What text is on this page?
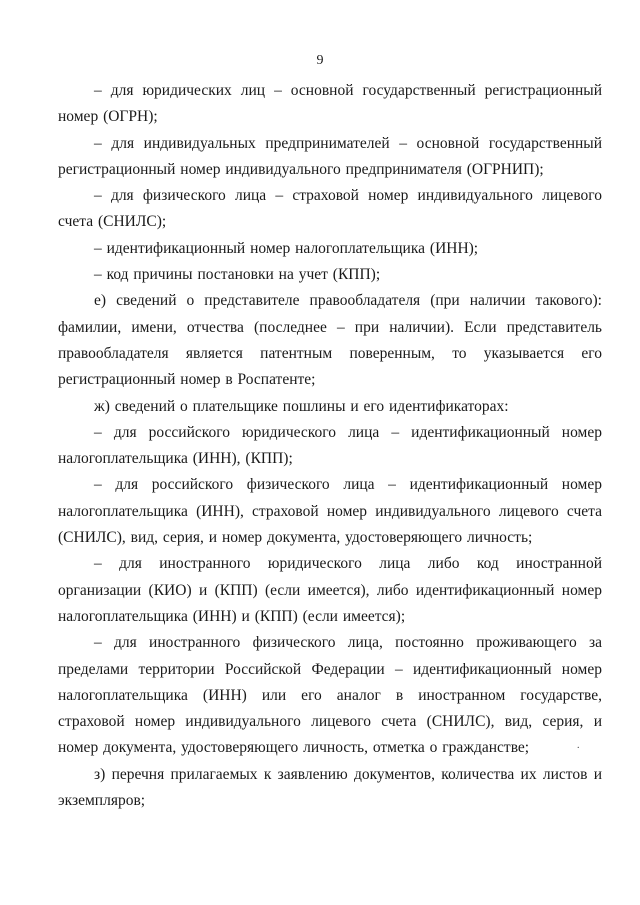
9

– для юридических лиц – основной государственный регистрационный номер (ОГРН);

– для индивидуальных предпринимателей – основной государственный регистрационный номер индивидуального предпринимателя (ОГРНИП);

– для физического лица – страховой номер индивидуального лицевого счета (СНИЛС);

– идентификационный номер налогоплательщика (ИНН);

– код причины постановки на учет (КПП);

е) сведений о представителе правообладателя (при наличии такового): фамилии, имени, отчества (последнее – при наличии). Если представитель правообладателя является патентным поверенным, то указывается его регистрационный номер в Роспатенте;

ж) сведений о плательщике пошлины и его идентификаторах:

– для российского юридического лица – идентификационный номер налогоплательщика (ИНН), (КПП);

– для российского физического лица – идентификационный номер налогоплательщика (ИНН), страховой номер индивидуального лицевого счета (СНИЛС), вид, серия, и номер документа, удостоверяющего личность;

– для иностранного юридического лица либо код иностранной организации (КИО) и (КПП) (если имеется), либо идентификационный номер налогоплательщика (ИНН) и (КПП) (если имеется);

– для иностранного физического лица, постоянно проживающего за пределами территории Российской Федерации – идентификационный номер налогоплательщика (ИНН) или его аналог в иностранном государстве, страховой номер индивидуального лицевого счета (СНИЛС), вид, серия, и номер документа, удостоверяющего личность, отметка о гражданстве;

з) перечня прилагаемых к заявлению документов, количества их листов и экземпляров;

.
